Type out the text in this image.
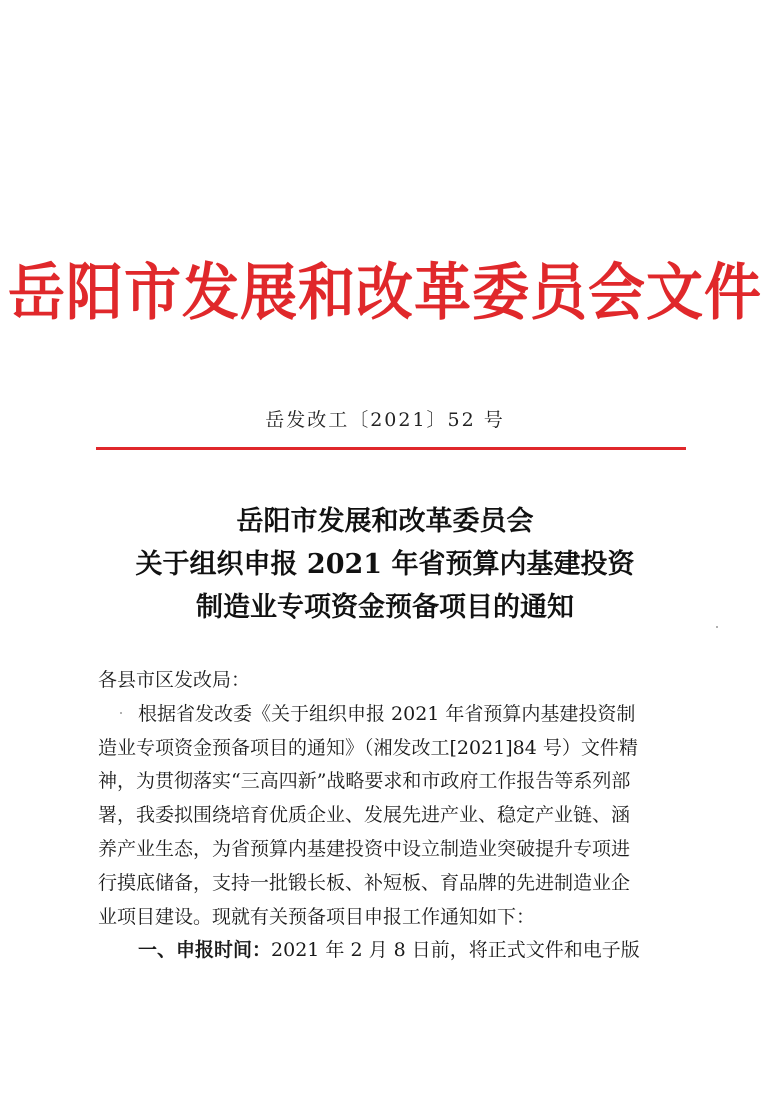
岳阳市发展和改革委员会文件
岳发改工〔2021〕52 号
岳阳市发展和改革委员会
关于组织申报 2021 年省预算内基建投资
制造业专项资金预备项目的通知
各县市区发改局：
根据省发改委《关于组织申报 2021 年省预算内基建投资制
造业专项资金预备项目的通知》（湘发改工[2021]84 号）文件精
神，为贯彻落实“三高四新”战略要求和市政府工作报告等系列部
署，我委拟围绕培育优质企业、发展先进产业、稳定产业链、涵
养产业生态，为省预算内基建投资中设立制造业突破提升专项进
行摸底储备，支持一批锻长板、补短板、育品牌的先进制造业企
业项目建设。现就有关预备项目申报工作通知如下：
一、申报时间：2021 年 2 月 8 日前，将正式文件和电子版
